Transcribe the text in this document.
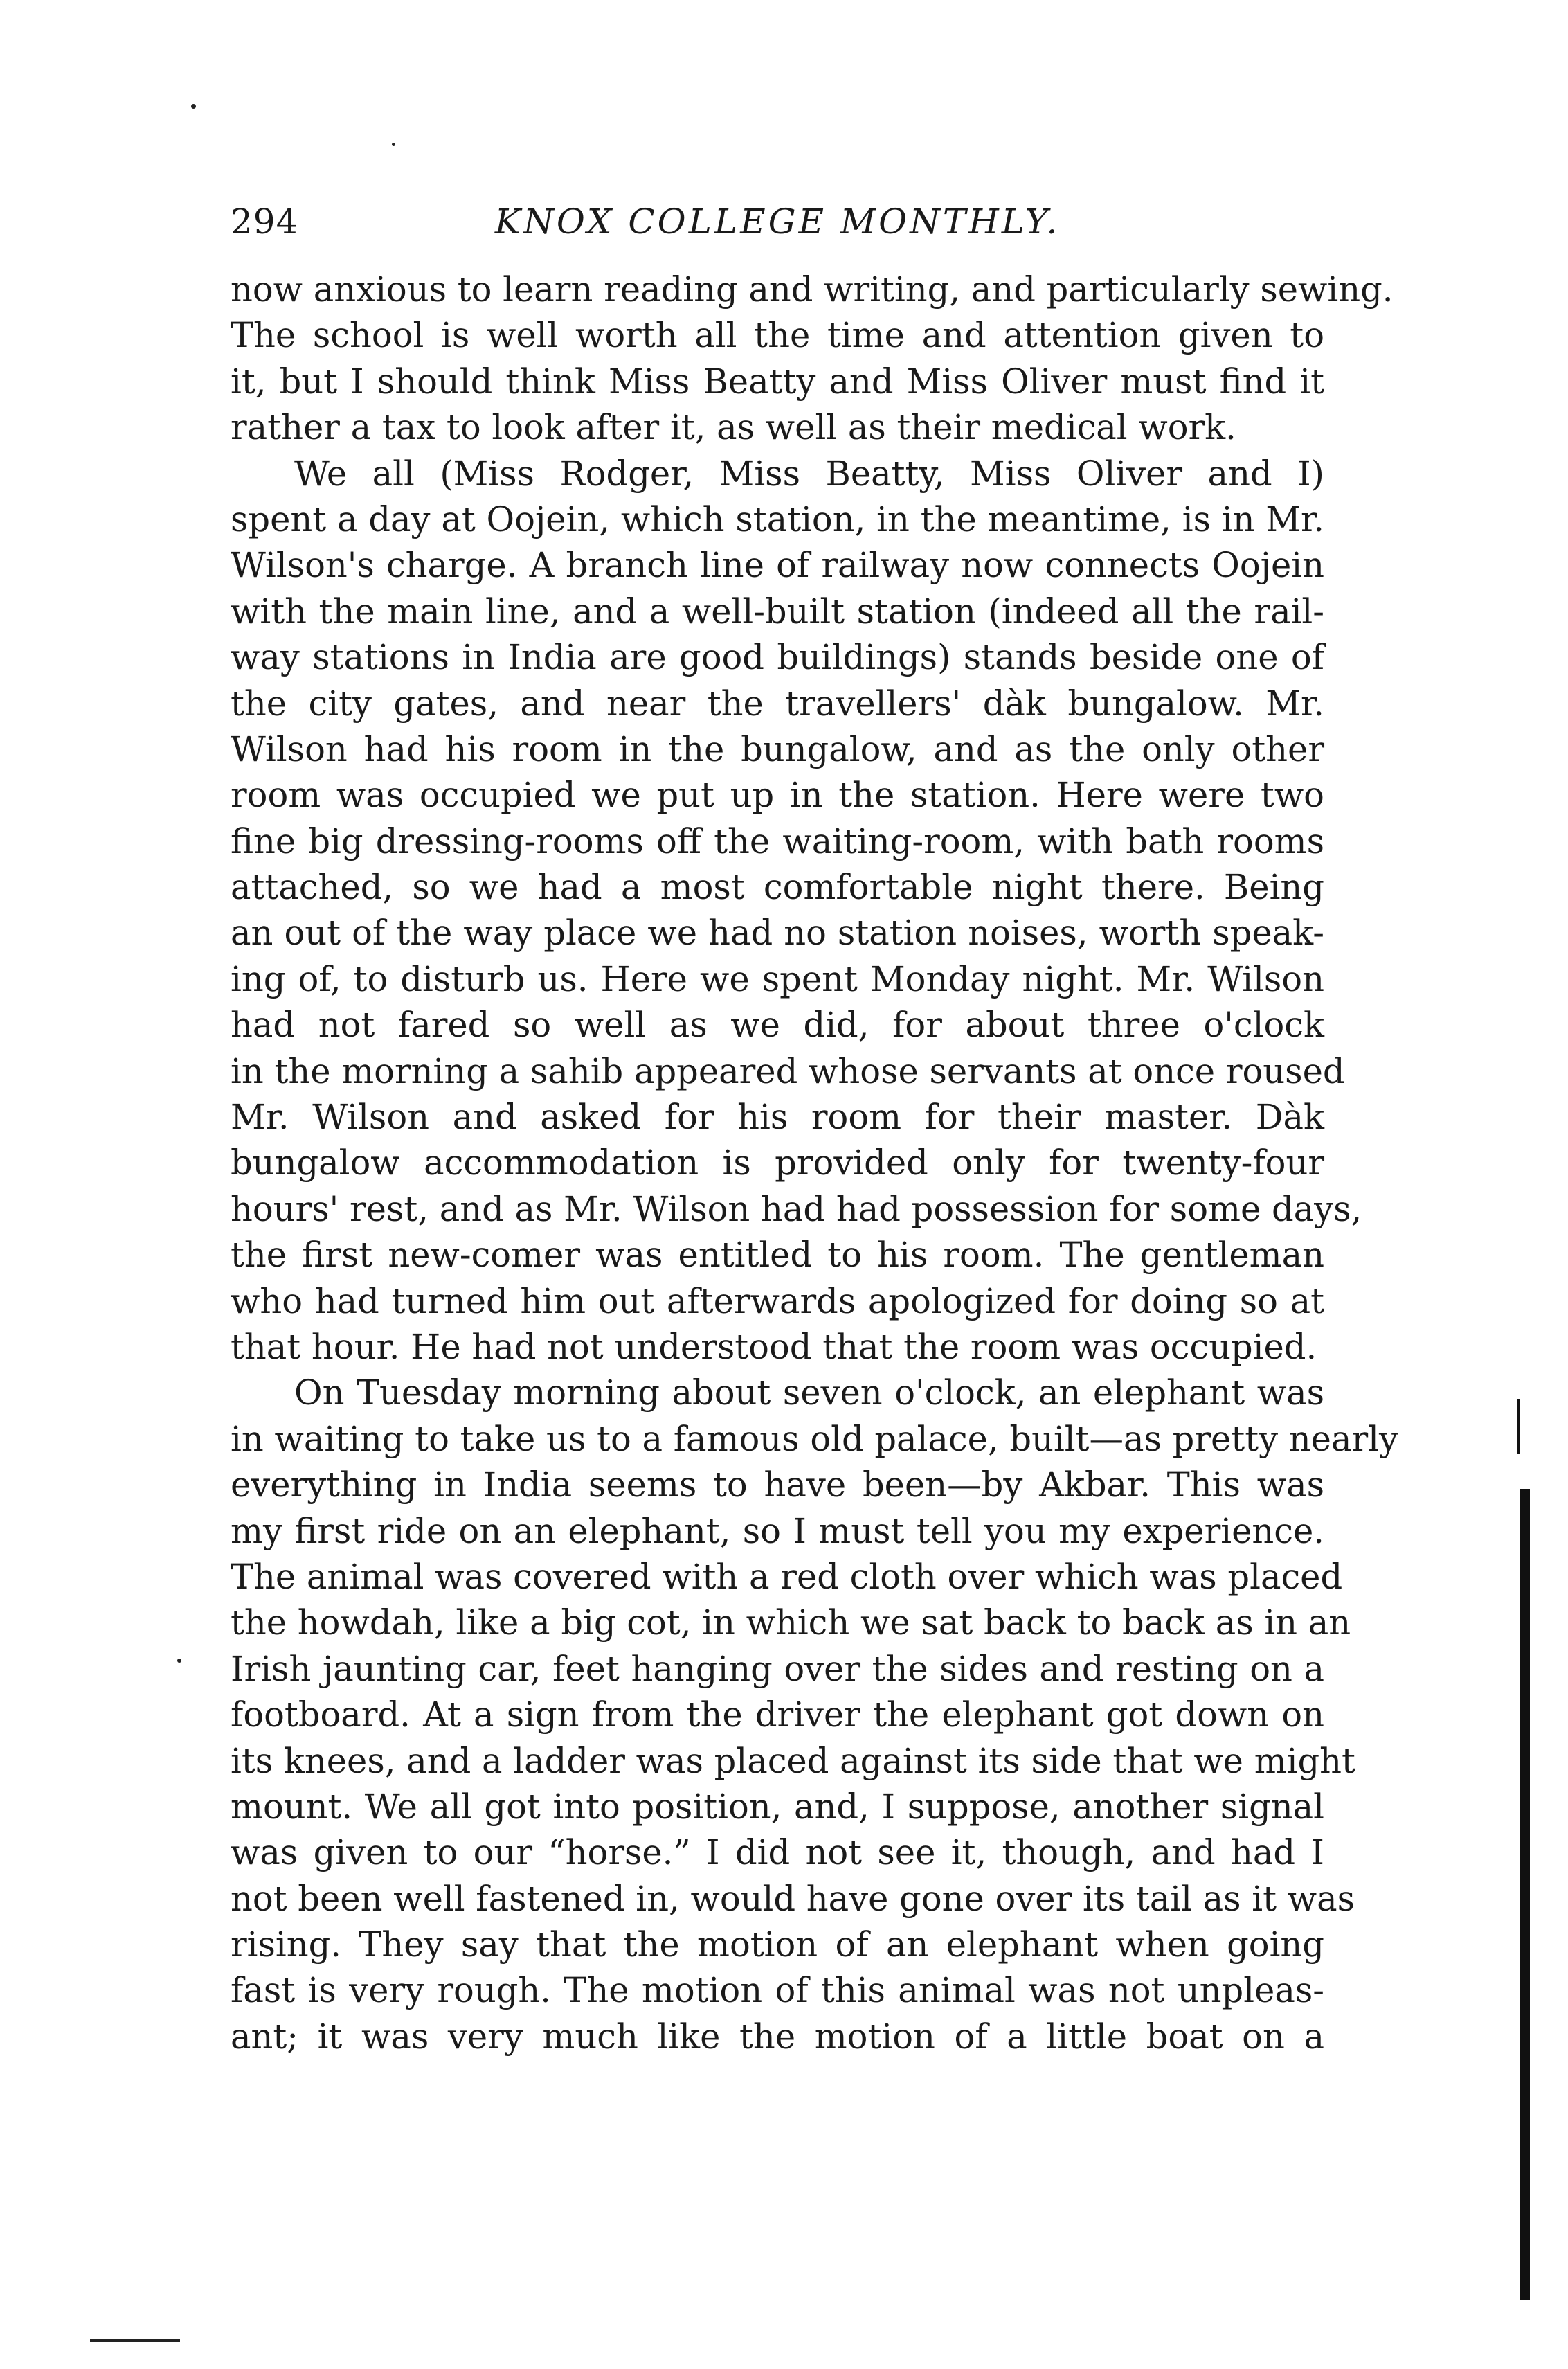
294	KNOX COLLEGE MONTHLY.
now anxious to learn reading and writing, and particularly sewing.
The school is well worth all the time and attention given to
it, but I should think Miss Beatty and Miss Oliver must find it
rather a tax to look after it, as well as their medical work.
We all (Miss Rodger, Miss Beatty, Miss Oliver and I)
spent a day at Oojein, which station, in the meantime, is in Mr.
Wilson's charge. A branch line of railway now connects Oojein
with the main line, and a well-built station (indeed all the rail-
way stations in India are good buildings) stands beside one of
the city gates, and near the travellers' dàk bungalow. Mr.
Wilson had his room in the bungalow, and as the only other
room was occupied we put up in the station. Here were two
fine big dressing-rooms off the waiting-room, with bath rooms
attached, so we had a most comfortable night there. Being
an out of the way place we had no station noises, worth speak-
ing of, to disturb us. Here we spent Monday night. Mr. Wilson
had not fared so well as we did, for about three o'clock
in the morning a sahib appeared whose servants at once roused
Mr. Wilson and asked for his room for their master. Dàk
bungalow accommodation is provided only for twenty-four
hours' rest, and as Mr. Wilson had had possession for some days,
the first new-comer was entitled to his room. The gentleman
who had turned him out afterwards apologized for doing so at
that hour. He had not understood that the room was occupied.
On Tuesday morning about seven o'clock, an elephant was
in waiting to take us to a famous old palace, built—as pretty nearly
everything in India seems to have been—by Akbar. This was
my first ride on an elephant, so I must tell you my experience.
The animal was covered with a red cloth over which was placed
the howdah, like a big cot, in which we sat back to back as in an
Irish jaunting car, feet hanging over the sides and resting on a
footboard. At a sign from the driver the elephant got down on
its knees, and a ladder was placed against its side that we might
mount. We all got into position, and, I suppose, another signal
was given to our “horse.” I did not see it, though, and had I
not been well fastened in, would have gone over its tail as it was
rising. They say that the motion of an elephant when going
fast is very rough. The motion of this animal was not unpleas-
ant; it was very much like the motion of a little boat on a
